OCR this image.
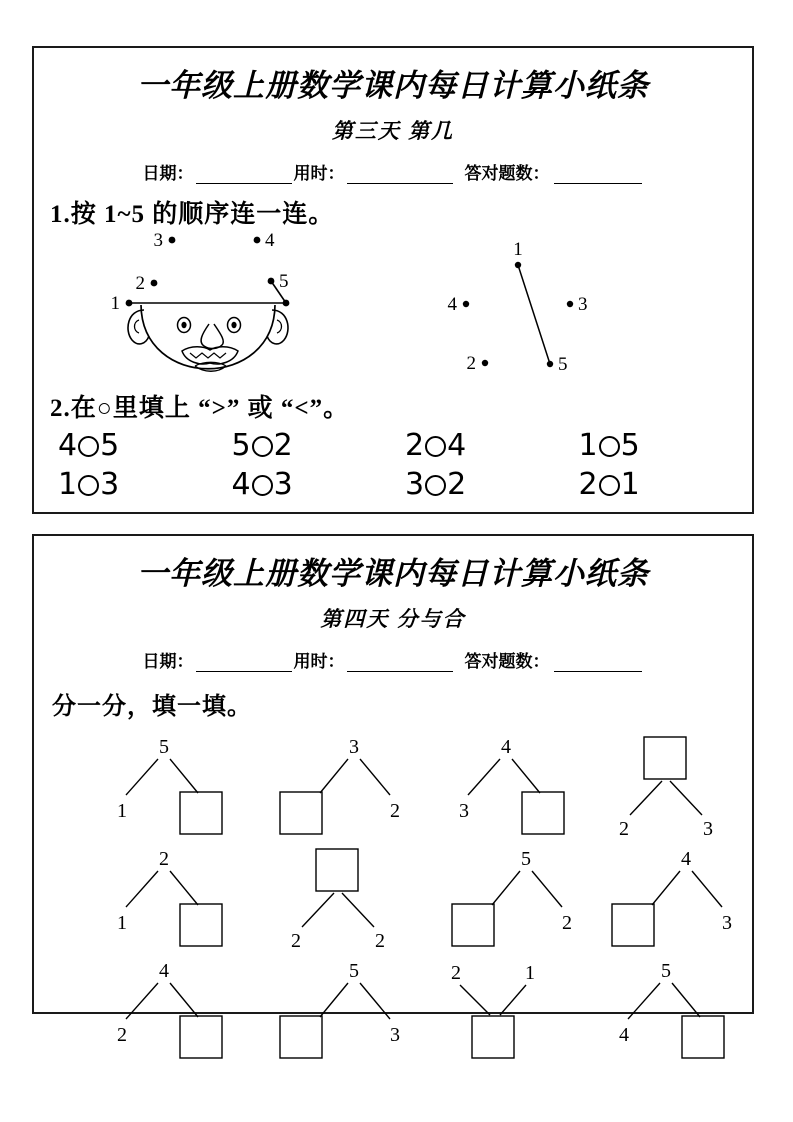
一年级上册数学课内每日计算小纸条
第三天 第几
日期：	用时：	答对题数：
1.按 1~5 的顺序连一连。
1
2
3	4
5
1
2
3
4
5
2.在○里填上 “>” 或 “<”。
4 5	5 2	2 4	1 5
1 3	4 3	3 2	2 1
一年级上册数学课内每日计算小纸条
第四天 分与合
日期：	用时：	答对题数：
分一分，填一填。
5
1
3
2
4
3
2	3
2
1
2	2
5
2
4
3
4
2
5
3
2	1	5
4
